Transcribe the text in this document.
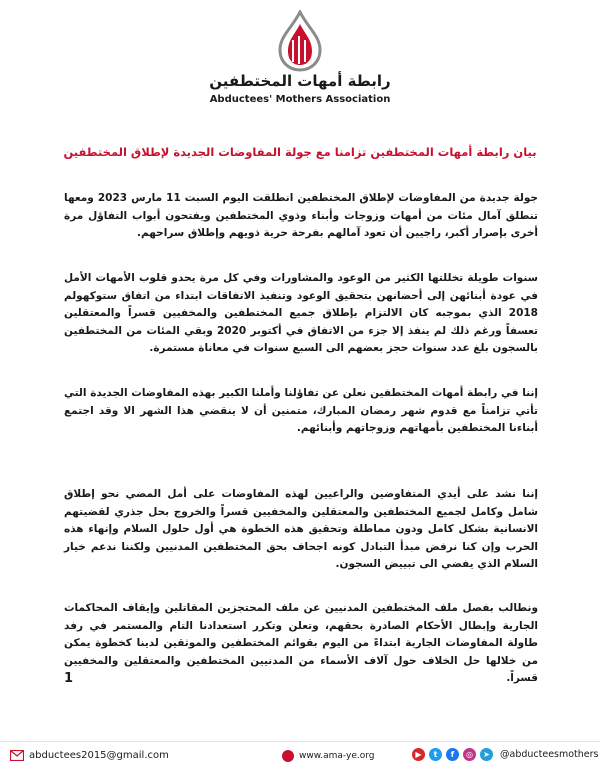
رابطة أمهات المختطفين
Abductees' Mothers Association
بيان رابطة أمهات المختطفين تزامنا مع جولة المفاوضات الجديدة لإطلاق المختطفين

جولة جديدة من المفاوضات لإطلاق المختطفين انطلقت اليوم السبت 11 مارس 2023 ومعها تنطلق آمال مئات من أمهات وزوجات وأبناء وذوي المختطفين ويفتحون أبواب التفاؤل مرة أخرى بإصرار أكبر، راجيين أن تعود آمالهم بفرحة حرية ذويهم وإطلاق سراحهم.

سنوات طويلة تخللتها الكثير من الوعود والمشاورات وفي كل مرة يحدو قلوب الأمهات الأمل في عودة أبنائهن إلى أحضانهن بتحقيق الوعود وتنفيذ الاتفاقات ابتداء من اتفاق ستوكهولم 2018 الذي بموجبه كان الالتزام بإطلاق جميع المختطفين والمخفيين قسراً والمعتقلين تعسفاً ورغم ذلك لم ينفذ إلا جزء من الاتفاق في أكتوبر 2020 وبقي المئات من المختطفين بالسجون بلغ عدد سنوات حجز بعضهم الى السبع سنوات في معاناة مستمرة.

إننا في رابطة أمهات المختطفين نعلن عن تفاؤلنا وأملنا الكبير بهذه المفاوضات الجديدة التي تأتي تزامناً مع قدوم شهر رمضان المبارك، متمنين أن لا ينقضي هذا الشهر الا وقد اجتمع أبناءنا المختطفين بأمهاتهم وزوجاتهم وأبنائهم.

إننا نشد على أيدي المتفاوضين والراعيين لهذه المفاوضات على أمل المضي نحو إطلاق شامل وكامل لجميع المختطفين والمعتقلين والمخفيين قسراً والخروج بحل جذري لقضيتهم الانسانية بشكل كامل ودون مماطلة وتحقيق هذه الخطوة هي أول حلول السلام وإنهاء هذه الحرب وإن كنا نرفض مبدأ التبادل كونه اجحاف بحق المختطفين المدنيين ولكننا ندعم خيار السلام الذي يفضي الى تبييض السجون.

ونطالب بفصل ملف المختطفين المدنيين عن ملف المحتجزين المقاتلين وإيقاف المحاكمات الجارية وإبطال الأحكام الصادرة بحقهم، وتعلن وتكرر استعدادنا التام والمستمر في رفد طاولة المفاوضات الجارية ابتداءً من اليوم بقوائم المختطفين والموثقين لدينا كخطوة يمكن من خلالها حل الخلاف حول آلاف الأسماء من المدنيين المختطفين والمعتقلين والمخفيين قسراً.

1
abductees2015@gmail.com	www.ama-ye.org	▶	t	f	◎	➤	@abducteesmothers
